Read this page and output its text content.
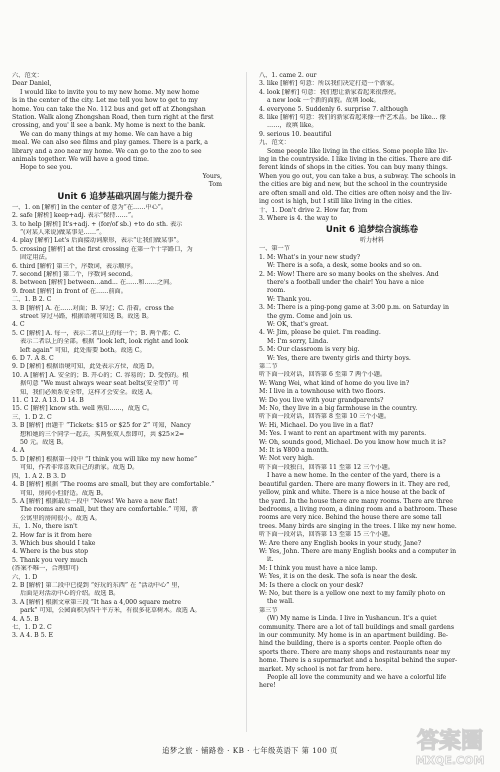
六、范文：
Dear Daniel,
I would like to invite you to my new home. My new home
is in the center of the city. Let me tell you how to get to my
home. You can take the No. 112 bus and get off at Zhongshan
Station. Walk along Zhongshan Road, then turn right at the first
crossing, and you' ll see a bank. My home is next to the bank.
We can do many things at my home. We can have a big
meal. We can also see films and play games. There is a park, a
library and a zoo near my home. We can go to the zoo to see
animals together. We will have a good time.
Hope to see you.
Yours,
Tom
Unit 6 追梦基础巩固与能力提升卷
一、1. on [解析] in the center of 意为“在……中心”。
2. safe [解析] keep+adj. 表示“保持……”。
3. to help [解析] It's+adj. + (for/of sb.) +to do sth. 表示
“(对某人来说)做某事是……”。
4. play [解析] Let's 后面接动词原形，表示“让我们做某事”。
5. crossing [解析] at the first crossing 在第一个十字路口，为
固定用法。
6. third [解析] 第三个，序数词，表示顺序。
7. second [解析] 第二个，序数词 second。
8. between [解析] between...and... 在……和……之间。
9. front [解析] in front of 在……前面。
二、1. B 2. C
3. B [解析] A. 在……对面；B. 穿过；C. 沿着。cross the
street 穿过马路，根据语境可知选 B。故选 B。
4. C
5. C [解析] A. 每一，表示二者以上的每一个；B. 两个都；C.
表示二者以上的全部。根据 “look left, look right and look
left again” 可知，此处需要 both。故选 C。
6. D 7. A 8. C
9. D [解析] 根据语境可知，此处表示方位，故选 D。
10. A [解析] A. 安全的；B. 开心的；C. 容易的；D. 受伤的。根
据句意 “We must always wear seat belts(安全带)” 可
知，我们必须系安全带，这样才会安全。故选 A。
11. C 12. A 13. D 14. B
15. C [解析] know sth. well 熟知……，故选 C。
三、1. D 2. C
3. B [解析] 由题干 “Tickets: $15 or $25 for 2” 可知，Nancy
想和她的三个同学一起去，买两张双人票即可，共 $25×2=
50 元。故选 B。
4. A
5. D [解析] 根据第一段中 “I think you will like my new home”
可知，作者非常喜欢自己的新家。故选 D。
四、1. A 2. B 3. D
4. B [解析] 根据 “The rooms are small, but they are comfortable.”
可知，房间小但舒适。故选 B。
5. A [解析] 根据最后一段中 “News! We have a new flat!
The rooms are small, but they are comfortable.” 可知，新
公寓里的房间很小。故选 A。
五、1. No, there isn't
2. How far is it from here
3. Which bus should I take
4. Where is the bus stop
5. Thank you very much
(答案不唯一，合理即可)
六、1. D
2. B [解析] 第二段中已提到 “好玩的东西” 在 “活动中心” 里，
后面是对活动中心的介绍。故选 B。
3. A [解析] 根据文章第三段 “It has a 4,000 square metre
park” 可知，公园面积为四千平方米，有很多花草树木。故选 A。
4. A 5. B
七、1. D 2. C
3. A 4. B 5. E
八、1. came 2. our
3. like [解析] 句意：所以我们决定打造一个新家。
4. look [解析] 句意：我们想让新家看起来很漂亮。
a new look 一个新的面貌。故填 look。
4. everyone 5. Suddenly 6. surprise 7. although
8. like [解析] 句意：我们的新家看起来像一件艺术品。be like... 像
……，故填 like。
9. serious 10. beautiful
九、范文：
Some people like living in the cities. Some people like liv-
ing in the countryside. I like living in the cities. There are dif-
ferent kinds of shops in the cities. You can buy many things.
When you go out, you can take a bus, a subway. The schools in
the cities are big and new, but the school in the countryside
are often small and old. The cities are often noisy and the liv-
ing cost is high, but I still like living in the cities.
十、1. Don't drive 2. How far, from
3. Where is 4. the way to
Unit 6 追梦综合演练卷
听力材料
一、第一节
1. M: What's in your new study?
W: There is a sofa, a desk, some books and so on.
2. M: Wow! There are so many books on the shelves. And
there's a football under the chair! You have a nice
room.
W: Thank you.
3. M: There is a ping-pong game at 3:00 p.m. on Saturday in
the gym. Come and join us.
W: OK, that's great.
4. W: Jim, please be quiet. I'm reading.
M: I'm sorry, Linda.
5. M: Our classroom is very big.
W: Yes, there are twenty girls and thirty boys.
第二节
听下面一段对话，回答第 6 至第 7 两个小题。
W: Wang Wei, what kind of home do you live in?
M: I live in a townhouse with two floors.
W: Do you live with your grandparents?
M: No, they live in a big farmhouse in the country.
听下面一段对话，回答第 8 至第 10 三个小题。
W: Hi, Michael. Do you live in a flat?
M: Yes. I want to rent an apartment with my parents.
W: Oh, sounds good, Michael. Do you know how much it is?
M: It is ¥800 a month.
W: Not very high.
听下面一段独白，回答第 11 至第 12 三个小题。
I have a new home. In the center of the yard, there is a
beautiful garden. There are many flowers in it. They are red,
yellow, pink and white. There is a nice house at the back of
the yard. In the house there are many rooms. There are three
bedrooms, a living room, a dining room and a bathroom. These
rooms are very nice. Behind the house there are some tall
trees. Many birds are singing in the trees. I like my new home.
听下面一段对话，回答第 13 至第 15 三个小题。
W: Are there any English books in your study, Jane?
W: Yes, John. There are many English books and a computer in
it.
M: I think you must have a nice lamp.
W: Yes, it is on the desk. The sofa is near the desk.
M: Is there a clock on your desk?
W: No, but there is a yellow one next to my family photo on
the wall.
第三节
(W) My name is Linda. I live in Yushancun. It's a quiet
community. There are a lot of tall buildings and small gardens
in our community. My home is in an apartment building. Be-
hind the building, there is a sports center. People often do
sports there. There are many shops and restaurants near my
home. There is a supermarket and a hospital behind the super-
market. My school is not far from here.
People all love the community and we have a colorful life
here!
追梦之旅 · 铺路卷 · KB · 七年级英语下 第 100 页	答案圈
MXQE.COM
